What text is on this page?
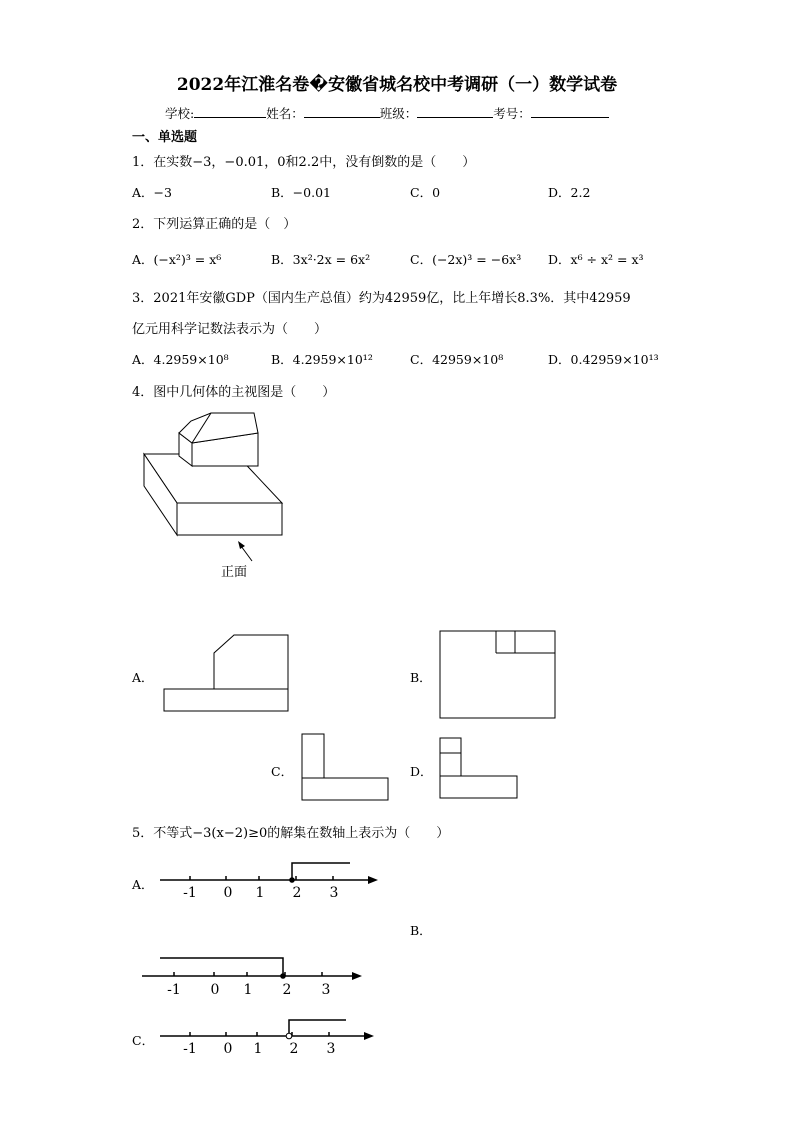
2022年江淮名卷�安徽省城名校中考调研（一）数学试卷
学校:	姓名：	班级：	考号：
一、单选题
1．在实数−3，−0.01，0和2.2中，没有倒数的是（　　）
A．−3	B．−0.01	C．0	D．2.2
2．下列运算正确的是（　）
A．(−x²)³ = x⁶	B．3x²·2x = 6x²	C．(−2x)³ = −6x³ D．x⁶ ÷ x² = x³
3．2021年安徽GDP（国内生产总值）约为42959亿，比上年增长8.3%．其中42959
亿元用科学记数法表示为（　　）
A．4.2959×10⁸	B．4.2959×10¹²	C．42959×10⁸	D．0.42959×10¹³
4．图中几何体的主视图是（　　）
正面
A．	B．
C．	D．
5．不等式−3(x−2)≥0的解集在数轴上表示为（　　）
A．
B．
C．
-1 0 1 2 3
-1 0 1 2 3
-1 0 1 2 3
